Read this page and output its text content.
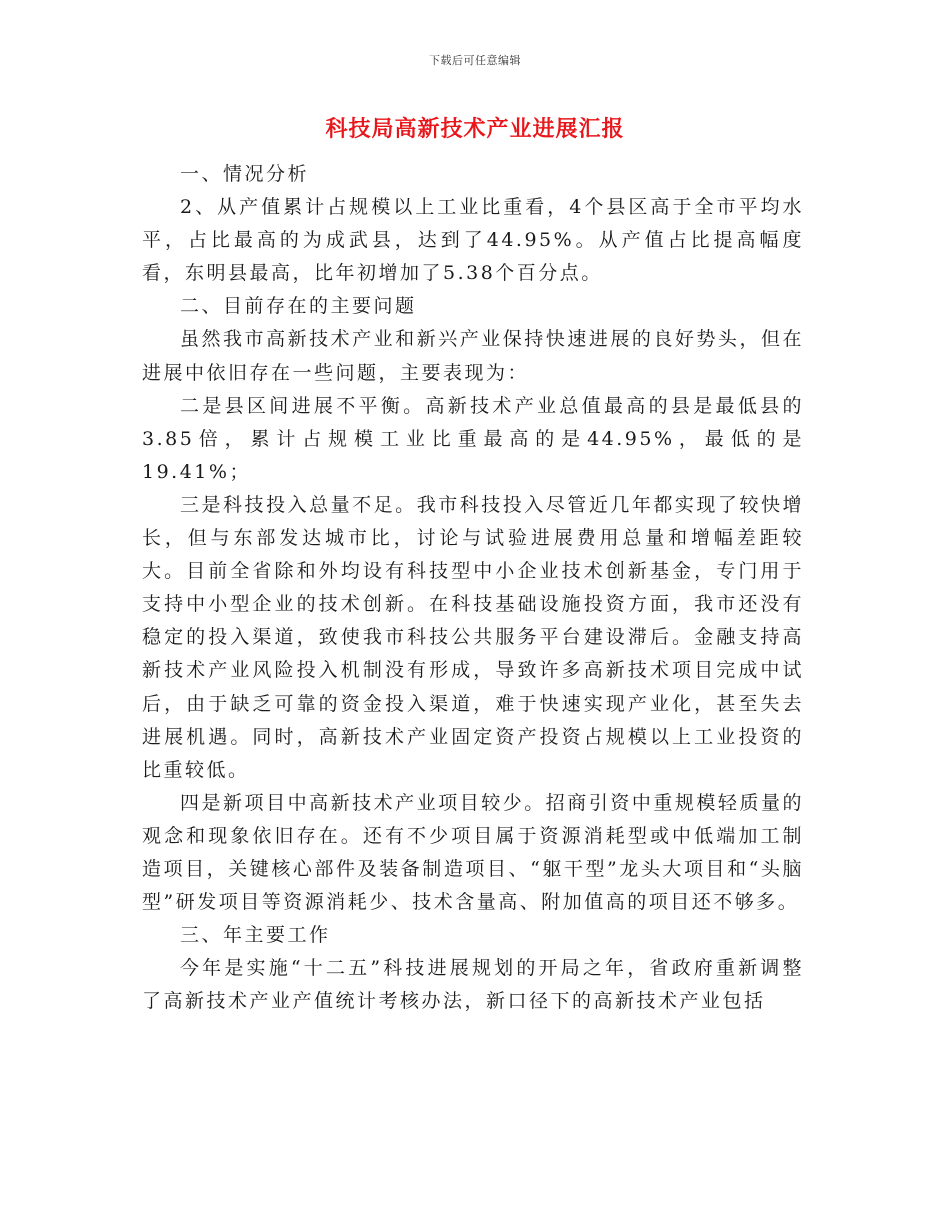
下载后可任意编辑
科技局高新技术产业进展汇报

一、情况分析

2、从产值累计占规模以上工业比重看，4个县区高于全市平均水平，占比最高的为成武县，达到了44.95%。从产值占比提高幅度看，东明县最高，比年初增加了5.38个百分点。

二、目前存在的主要问题

虽然我市高新技术产业和新兴产业保持快速进展的良好势头，但在进展中依旧存在一些问题，主要表现为：

二是县区间进展不平衡。高新技术产业总值最高的县是最低县的3.85倍，累计占规模工业比重最高的是44.95%，最低的是19.41%；

三是科技投入总量不足。我市科技投入尽管近几年都实现了较快增长，但与东部发达城市比，讨论与试验进展费用总量和增幅差距较大。目前全省除和外均设有科技型中小企业技术创新基金，专门用于支持中小型企业的技术创新。在科技基础设施投资方面，我市还没有稳定的投入渠道，致使我市科技公共服务平台建设滞后。金融支持高新技术产业风险投入机制没有形成，导致许多高新技术项目完成中试后，由于缺乏可靠的资金投入渠道，难于快速实现产业化，甚至失去进展机遇。同时，高新技术产业固定资产投资占规模以上工业投资的比重较低。

四是新项目中高新技术产业项目较少。招商引资中重规模轻质量的观念和现象依旧存在。还有不少项目属于资源消耗型或中低端加工制造项目，关键核心部件及装备制造项目、“躯干型”龙头大项目和“头脑型”研发项目等资源消耗少、技术含量高、附加值高的项目还不够多。

三、年主要工作

今年是实施“十二五”科技进展规划的开局之年，省政府重新调整了高新技术产业产值统计考核办法，新口径下的高新技术产业包括
